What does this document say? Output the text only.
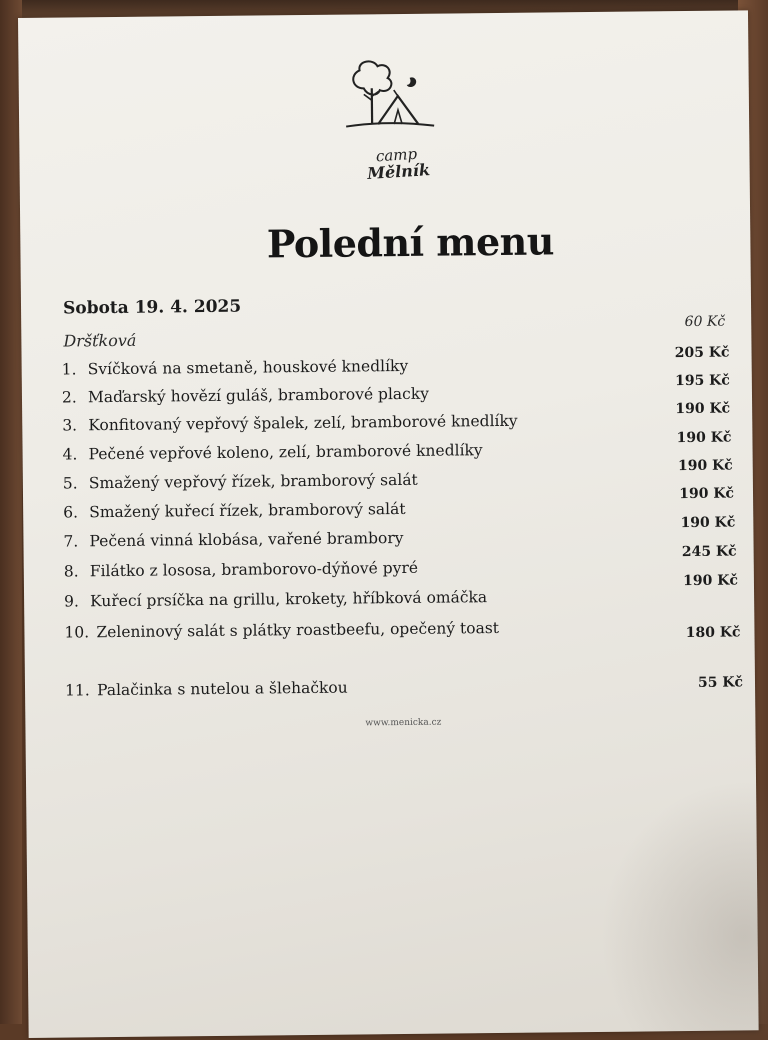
camp
Mělník
Polední menu
Sobota 19. 4. 2025
Dršťková
60 Kč
1. Svíčková na smetaně, houskové knedlíky
205 Kč
2. Maďarský hovězí guláš, bramborové placky
195 Kč
3. Konfitovaný vepřový špalek, zelí, bramborové knedlíky
190 Kč
4. Pečené vepřové koleno, zelí, bramborové knedlíky
190 Kč
5. Smažený vepřový řízek, bramborový salát
190 Kč
6. Smažený kuřecí řízek, bramborový salát
190 Kč
7. Pečená vinná klobása, vařené brambory
190 Kč
8. Filátko z lososa, bramborovo-dýňové pyré
245 Kč
9. Kuřecí prsíčka na grillu, krokety, hříbková omáčka
190 Kč
10. Zeleninový salát s plátky roastbeefu, opečený toast	180 Kč
11. Palačinka s nutelou a šlehačkou	55 Kč
www.menicka.cz
